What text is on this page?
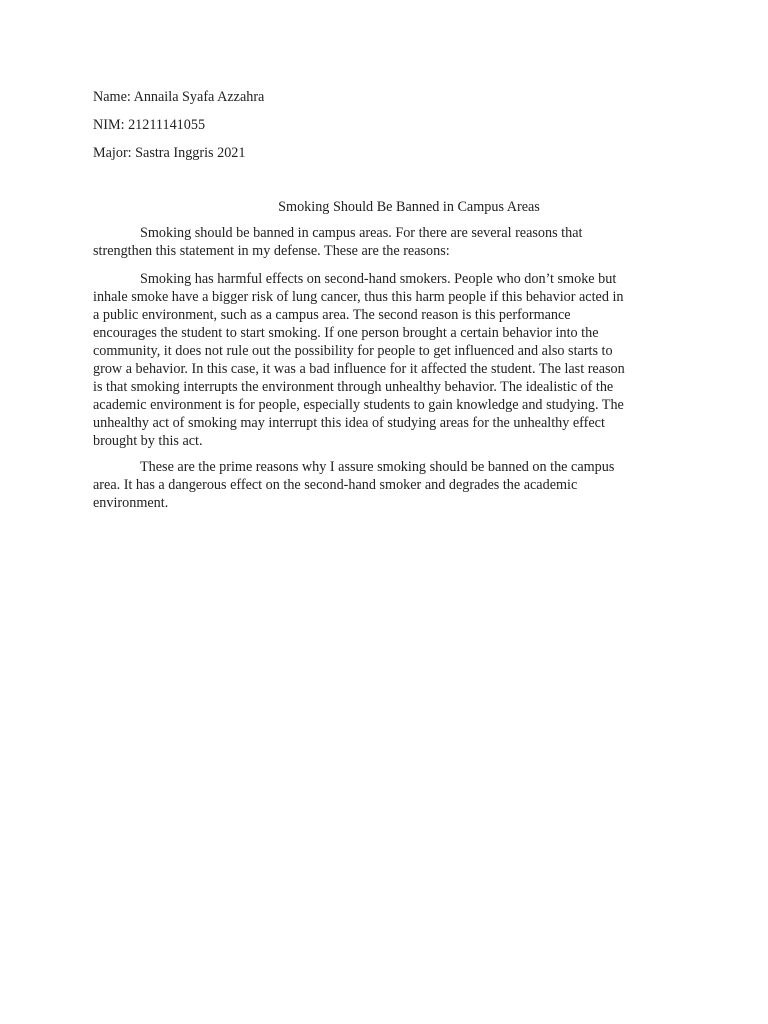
Name: Annaila Syafa Azzahra
NIM: 21211141055
Major: Sastra Inggris 2021
Smoking Should Be Banned in Campus Areas
Smoking should be banned in campus areas. For there are several reasons that
strengthen this statement in my defense. These are the reasons:
Smoking has harmful effects on second-hand smokers. People who don’t smoke but
inhale smoke have a bigger risk of lung cancer, thus this harm people if this behavior acted in
a public environment, such as a campus area. The second reason is this performance
encourages the student to start smoking. If one person brought a certain behavior into the
community, it does not rule out the possibility for people to get influenced and also starts to
grow a behavior. In this case, it was a bad influence for it affected the student. The last reason
is that smoking interrupts the environment through unhealthy behavior. The idealistic of the
academic environment is for people, especially students to gain knowledge and studying. The
unhealthy act of smoking may interrupt this idea of studying areas for the unhealthy effect
brought by this act.
These are the prime reasons why I assure smoking should be banned on the campus
area. It has a dangerous effect on the second-hand smoker and degrades the academic
environment.
